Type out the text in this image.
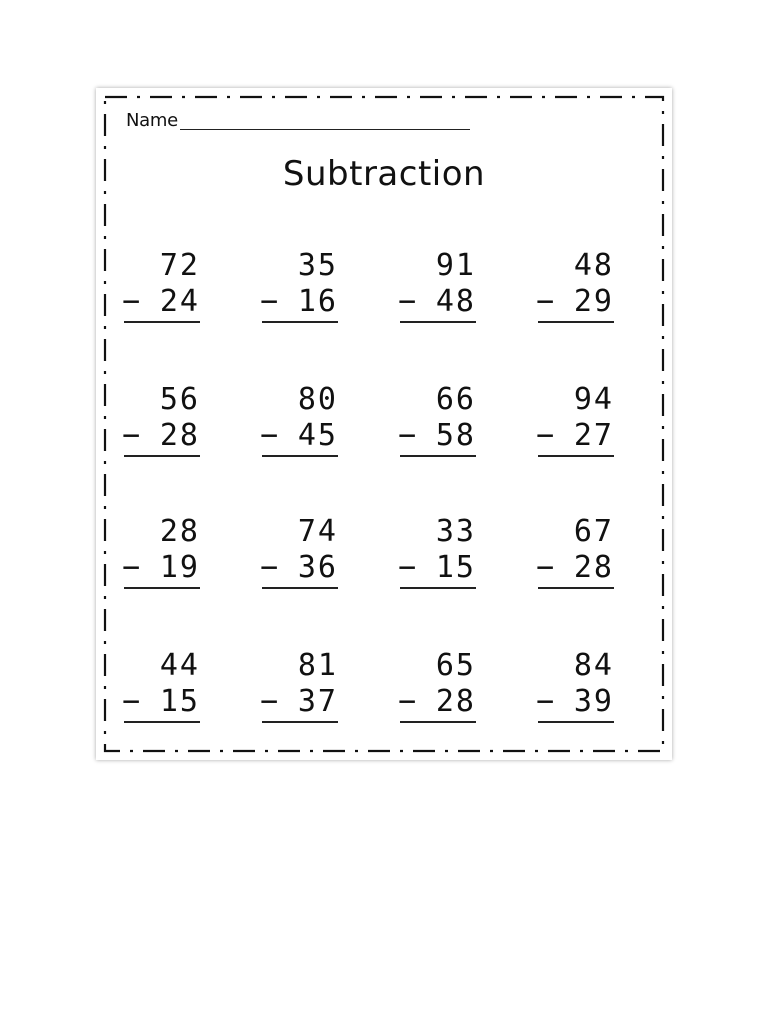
Name
Subtraction
72
− 24
35
− 16
91
− 48
48
− 29
56
− 28
80
− 45
66
− 58
94
− 27
28
− 19
74
− 36
33
− 15
67
− 28
44
− 15
81
− 37
65
− 28
84
− 39
